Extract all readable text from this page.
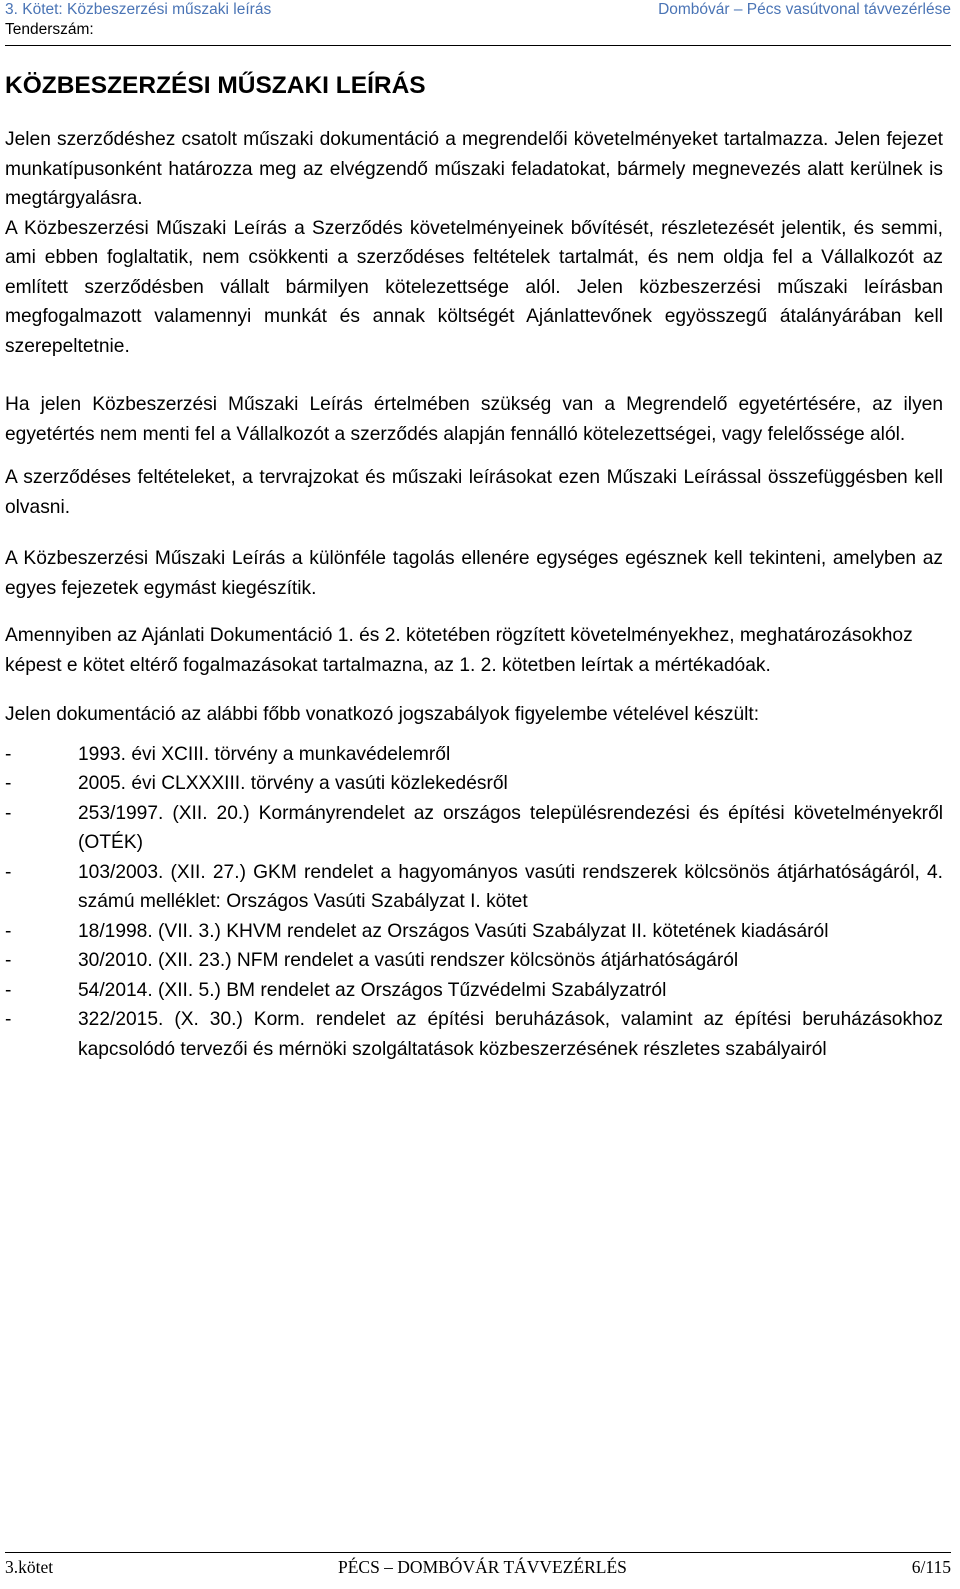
3. Kötet: Közbeszerzési műszaki leírás	Dombóvár – Pécs vasútvonal távvezérlése
Tenderszám:
KÖZBESZERZÉSI MŰSZAKI LEÍRÁS

Jelen szerződéshez csatolt műszaki dokumentáció a megrendelői követelményeket tartalmazza. Jelen fejezet munkatípusonként határozza meg az elvégzendő műszaki feladatokat, bármely megnevezés alatt kerülnek is megtárgyalásra.

A Közbeszerzési Műszaki Leírás a Szerződés követelményeinek bővítését, részletezését jelentik, és semmi, ami ebben foglaltatik, nem csökkenti a szerződéses feltételek tartalmát, és nem oldja fel a Vállalkozót az említett szerződésben vállalt bármilyen kötelezettsége alól. Jelen közbeszerzési műszaki leírásban megfogalmazott valamennyi munkát és annak költségét Ajánlattevőnek egyösszegű átalányárában kell szerepeltetnie.

Ha jelen Közbeszerzési Műszaki Leírás értelmében szükség van a Megrendelő egyetértésére, az ilyen egyetértés nem menti fel a Vállalkozót a szerződés alapján fennálló kötelezettségei, vagy felelőssége alól.

A szerződéses feltételeket, a tervrajzokat és műszaki leírásokat ezen Műszaki Leírással összefüggésben kell olvasni.

A Közbeszerzési Műszaki Leírás a különféle tagolás ellenére egységes egésznek kell tekinteni, amelyben az egyes fejezetek egymást kiegészítik.

Amennyiben az Ajánlati Dokumentáció 1. és 2. kötetében rögzített követelményekhez, meghatározásokhoz képest e kötet eltérő fogalmazásokat tartalmazna, az 1. 2. kötetben leírtak a mértékadóak.

Jelen dokumentáció az alábbi főbb vonatkozó jogszabályok figyelembe vételével készült:

-	1993. évi XCIII. törvény a munkavédelemről
-	2005. évi CLXXXIII. törvény a vasúti közlekedésről
-	253/1997. (XII. 20.) Kormányrendelet az országos településrendezési és építési követelményekről (OTÉK)
-	103/2003. (XII. 27.) GKM rendelet a hagyományos vasúti rendszerek kölcsönös átjárhatóságáról, 4. számú melléklet: Országos Vasúti Szabályzat I. kötet
-	18/1998. (VII. 3.) KHVM rendelet az Országos Vasúti Szabályzat II. kötetének kiadásáról
-	30/2010. (XII. 23.) NFM rendelet a vasúti rendszer kölcsönös átjárhatóságáról
-	54/2014. (XII. 5.) BM rendelet az Országos Tűzvédelmi Szabályzatról
-	322/2015. (X. 30.) Korm. rendelet az építési beruházások, valamint az építési beruházásokhoz kapcsolódó tervezői és mérnöki szolgáltatások közbeszerzésének részletes szabályairól
3.kötet	PÉCS – DOMBÓVÁR TÁVVEZÉRLÉS	6/115
